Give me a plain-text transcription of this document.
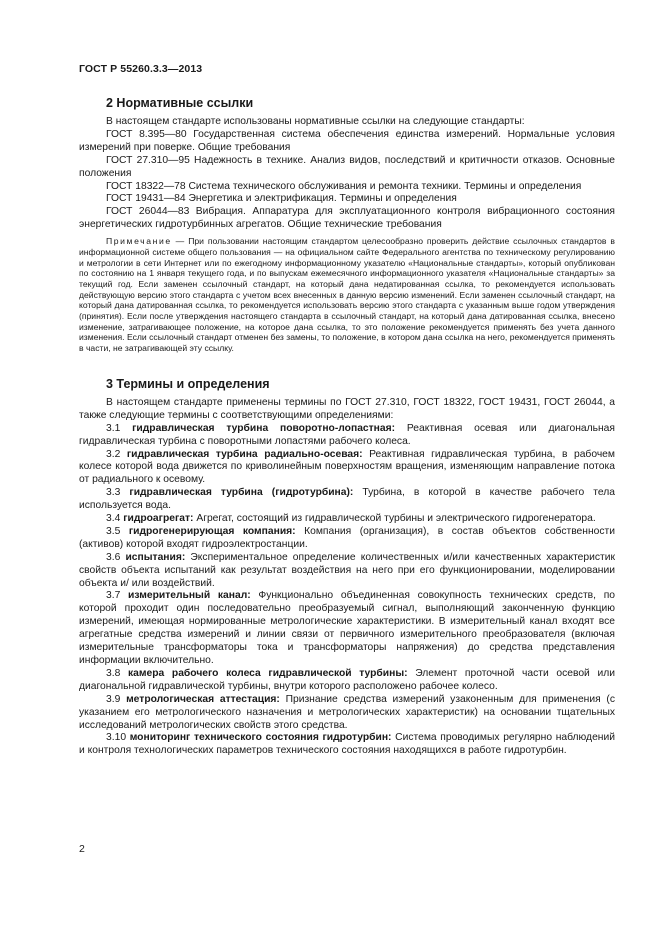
ГОСТ Р 55260.3.3—2013
2 Нормативные ссылки

В настоящем стандарте использованы нормативные ссылки на следующие стандарты:

ГОСТ 8.395—80 Государственная система обеспечения единства измерений. Нормальные условия измерений при поверке. Общие требования

ГОСТ 27.310—95 Надежность в технике. Анализ видов, последствий и критичности отказов. Основные положения

ГОСТ 18322—78 Система технического обслуживания и ремонта техники. Термины и определения

ГОСТ 19431—84 Энергетика и электрификация. Термины и определения

ГОСТ 26044—83 Вибрация. Аппаратура для эксплуатационного контроля вибрационного состояния энергетических гидротурбинных агрегатов. Общие технические требования

Примечание — При пользовании настоящим стандартом целесообразно проверить действие ссылочных стандартов в информационной системе общего пользования — на официальном сайте Федерального агентства по техническому регулированию и метрологии в сети Интернет или по ежегодному информационному указателю «Национальные стандарты», который опубликован по состоянию на 1 января текущего года, и по выпускам ежемесячного информационного указателя «Национальные стандарты» за текущий год. Если заменен ссылочный стандарт, на который дана недатированная ссылка, то рекомендуется использовать действующую версию этого стандарта с учетом всех внесенных в данную версию изменений. Если заменен ссылочный стандарт, на который дана датированная ссылка, то рекомендуется использовать версию этого стандарта с указанным выше годом утверждения (принятия). Если после утверждения настоящего стандарта в ссылочный стандарт, на который дана датированная ссылка, внесено изменение, затрагивающее положение, на которое дана ссылка, то это положение рекомендуется применять без учета данного изменения. Если ссылочный стандарт отменен без замены, то положение, в котором дана ссылка на него, рекомендуется применять в части, не затрагивающей эту ссылку.

3 Термины и определения

В настоящем стандарте применены термины по ГОСТ 27.310, ГОСТ 18322, ГОСТ 19431, ГОСТ 26044, а также следующие термины с соответствующими определениями:

3.1 гидравлическая турбина поворотно-лопастная: Реактивная осевая или диагональная гидравлическая турбина с поворотными лопастями рабочего колеса.

3.2 гидравлическая турбина радиально-осевая: Реактивная гидравлическая турбина, в рабочем колесе которой вода движется по криволинейным поверхностям вращения, изменяющим направление потока от радиального к осевому.

3.3 гидравлическая турбина (гидротурбина): Турбина, в которой в качестве рабочего тела используется вода.

3.4 гидроагрегат: Агрегат, состоящий из гидравлической турбины и электрического гидрогенератора.

3.5 гидрогенерирующая компания: Компания (организация), в состав объектов собственности (активов) которой входят гидроэлектростанции.

3.6 испытания: Экспериментальное определение количественных и/или качественных характеристик свойств объекта испытаний как результат воздействия на него при его функционировании, моделировании объекта и/ или воздействий.

3.7 измерительный канал: Функционально объединенная совокупность технических средств, по которой проходит один последовательно преобразуемый сигнал, выполняющий законченную функцию измерений, имеющая нормированные метрологические характеристики. В измерительный канал входят все агрегатные средства измерений и линии связи от первичного измерительного преобразователя (включая измерительные трансформаторы тока и трансформаторы напряжения) до средства представления информации включительно.

3.8 камера рабочего колеса гидравлической турбины: Элемент проточной части осевой или диагональной гидравлической турбины, внутри которого расположено рабочее колесо.

3.9 метрологическая аттестация: Признание средства измерений узаконенным для применения (с указанием его метрологического назначения и метрологических характеристик) на основании тщательных исследований метрологических свойств этого средства.

3.10 мониторинг технического состояния гидротурбин: Система проводимых регулярно наблюдений и контроля технологических параметров технического состояния находящихся в работе гидротурбин.

2
